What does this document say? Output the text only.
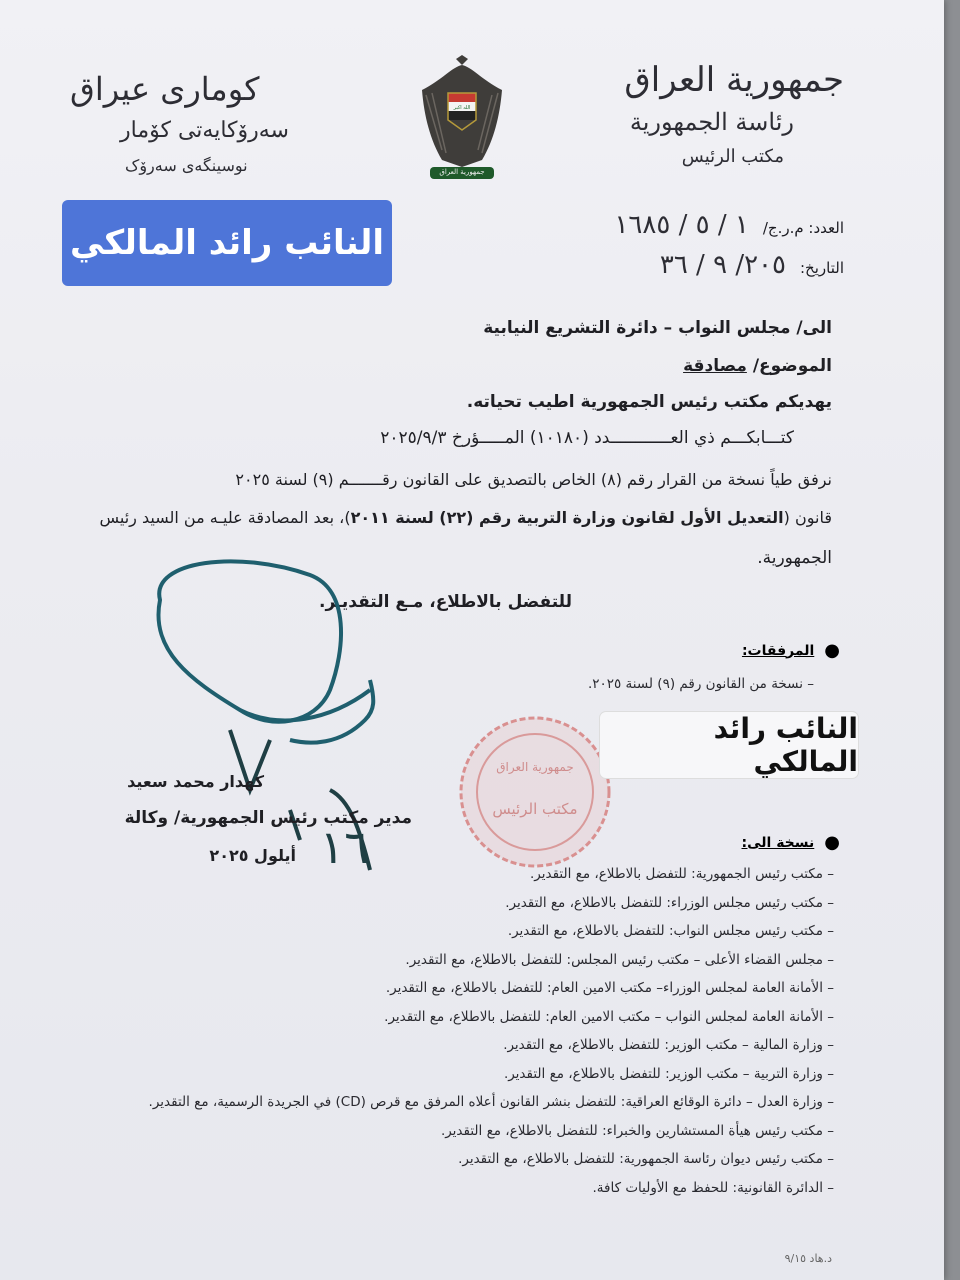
جمهورية العراق
رئاسة الجمهورية
مكتب الرئيس
كوماری عیراق
سەرۆکایەتی کۆمار
نوسینگەی سەرۆک
الله اكبر
جمهورية العراق
العدد: م.ر.ج/
١ / ٥ / ١٦٨٥
التاريخ:
٢٠٥/ ٩ / ٣٦
النائب رائد المالكي
الى/ مجلس النواب – دائرة التشريع النيابية
الموضوع/ مصادقة
يهديكم مكتب رئيس الجمهورية اطيب تحياته.
كتـــابكـــم ذي العــــــــــــدد (١٠١٨٠) المـــــؤرخ ٢٠٢٥/٩/٣
نرفق طياً نسخة من القرار رقم (٨) الخاص بالتصديق على القانون رقـــــــم (٩) لسنة ٢٠٢٥
قانون (التعديل الأول لقانون وزارة التربية رقم (٢٢) لسنة ٢٠١١)، بعد المصادقة عليـه من السيد رئيس
الجمهورية.
للتفضل بالاطلاع، مـع التقديـر.
●
المرفقات:
– نسخة من القانون رقم (٩) لسنة ٢٠٢٥.
كهدار محمد سعيد
مدير مكتب رئيس الجمهورية/ وكالة
أيلول ٢٠٢٥ ١٦
جمهورية العراق
مكتب الرئيس
النائب رائد المالكي
●
نسخة الى:
– مكتب رئيس الجمهورية: للتفضل بالاطلاع، مع التقدير.
– مكتب رئيس مجلس الوزراء: للتفضل بالاطلاع، مع التقدير.
– مكتب رئيس مجلس النواب: للتفضل بالاطلاع، مع التقدير.
– مجلس القضاء الأعلى – مكتب رئيس المجلس: للتفضل بالاطلاع، مع التقدير.
– الأمانة العامة لمجلس الوزراء– مكتب الامين العام: للتفضل بالاطلاع، مع التقدير.
– الأمانة العامة لمجلس النواب – مكتب الامين العام: للتفضل بالاطلاع، مع التقدير.
– وزارة المالية – مكتب الوزير: للتفضل بالاطلاع، مع التقدير.
– وزارة التربية – مكتب الوزير: للتفضل بالاطلاع، مع التقدير.
– وزارة العدل – دائرة الوقائع العراقية: للتفضل بنشر القانون أعلاه المرفق مع قرص (CD) في الجريدة الرسمية، مع التقدير.
– مكتب رئيس هيأة المستشارين والخبراء: للتفضل بالاطلاع، مع التقدير.
– مكتب رئيس ديوان رئاسة الجمهورية: للتفضل بالاطلاع، مع التقدير.
– الدائرة القانونية: للحفظ مع الأوليات كافة.
د.هاد ٩/١٥
